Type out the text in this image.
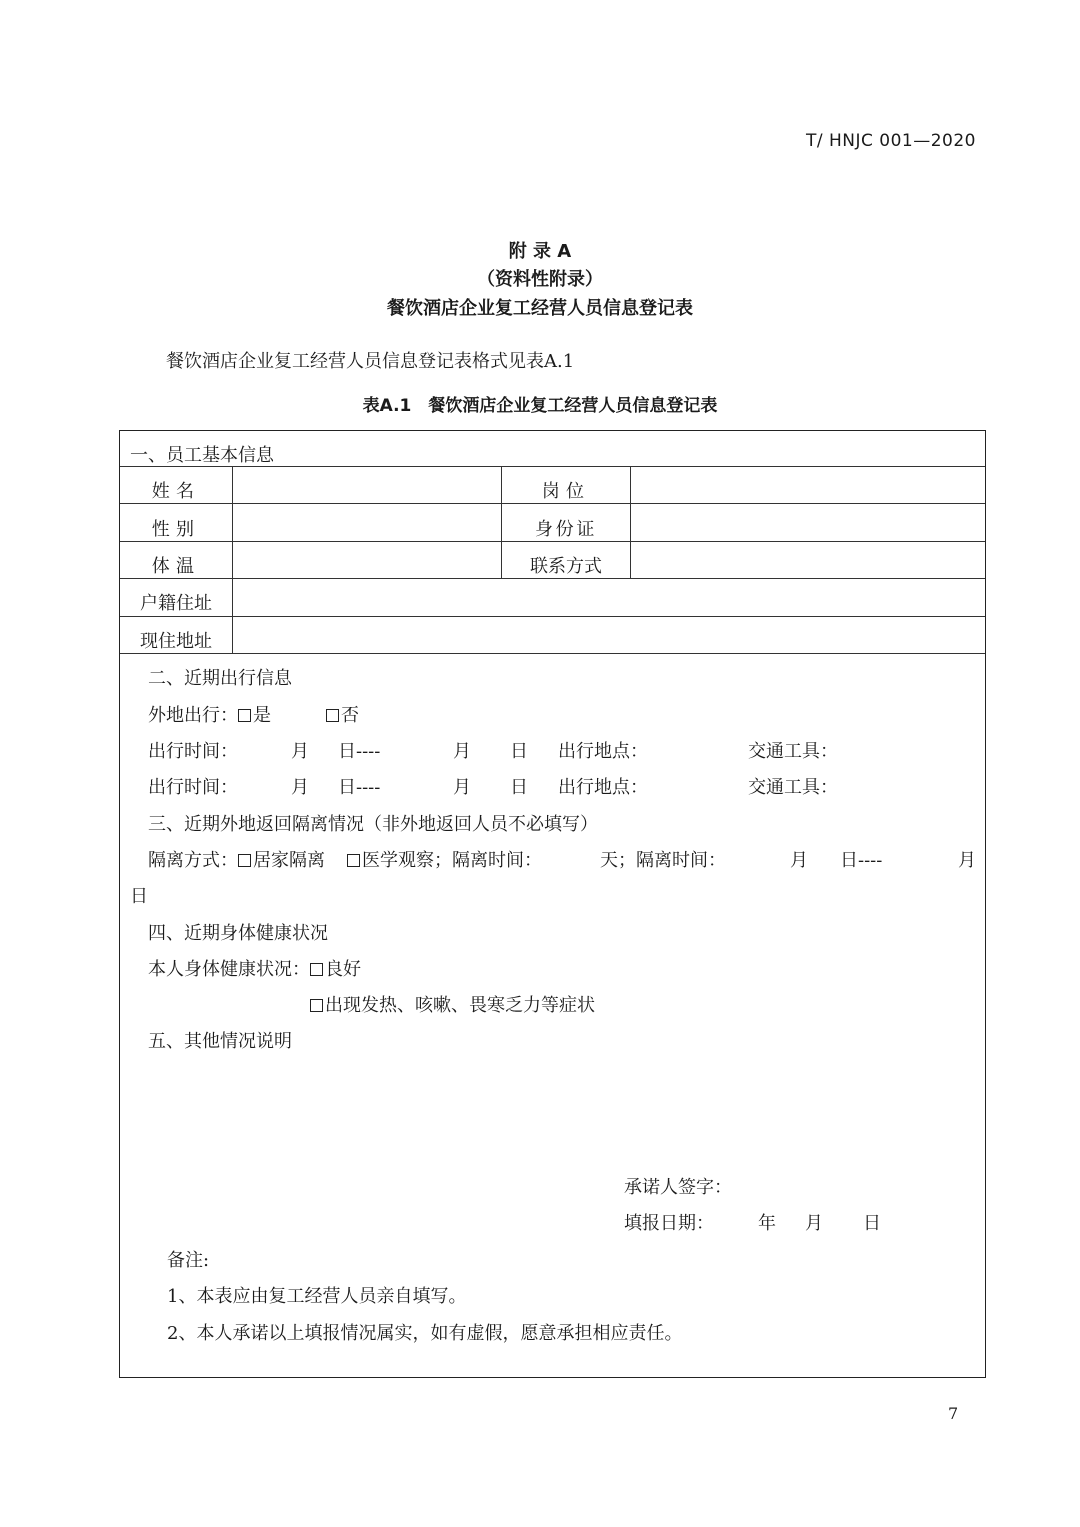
T/ HNJC 001—2020
附 录 A
（资料性附录）
餐饮酒店企业复工经营人员信息登记表
餐饮酒店企业复工经营人员信息登记表格式见表A.1
表A.1　餐饮酒店企业复工经营人员信息登记表
一、员工基本信息
姓名	岗位
性别	身份证
体温	联系方式
户籍住址
现住地址
二、近期出行信息
外地出行： 是	否
出行时间：	月 日----	月 日 出行地点：	交通工具：
出行时间：	月 日----	月 日 出行地点：	交通工具：
三、近期外地返回隔离情况（非外地返回人员不必填写）
隔离方式： 居家隔离 医学观察；隔离时间：	天；隔离时间：	月 日----	月
日
四、近期身体健康状况
本人身体健康状况： 良好
出现发热、咳嗽、畏寒乏力等症状
五、其他情况说明
承诺人签字：
填报日期： 年 月 日
备注:
1、本表应由复工经营人员亲自填写。
2、本人承诺以上填报情况属实，如有虚假，愿意承担相应责任。
7
